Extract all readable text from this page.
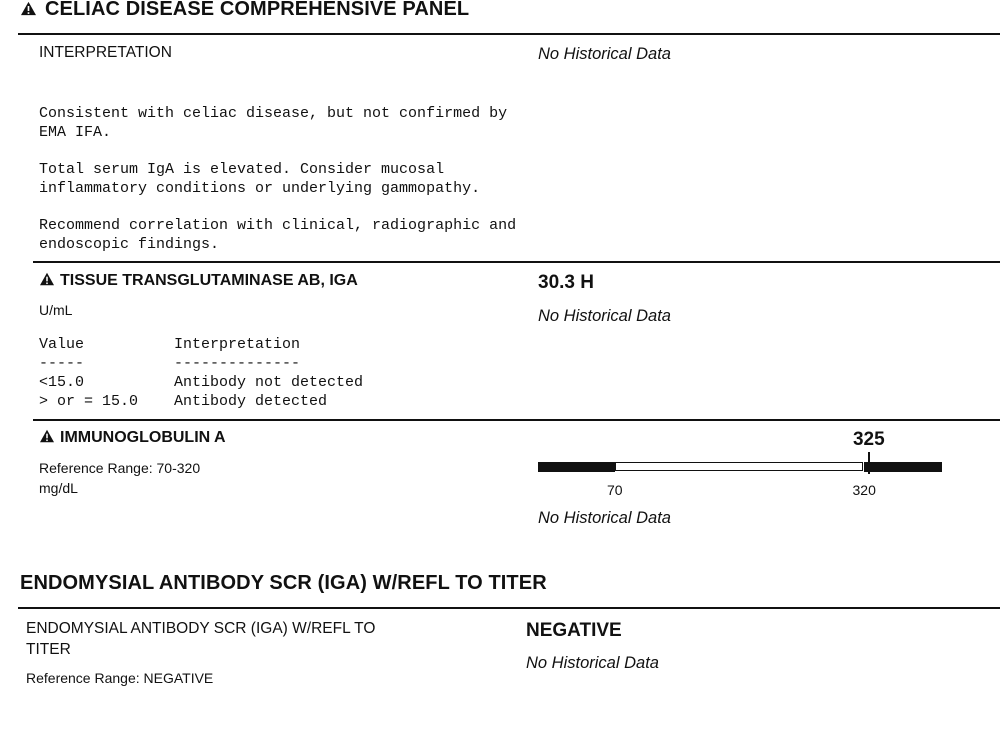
CELIAC DISEASE COMPREHENSIVE PANEL
INTERPRETATION	No Historical Data
Consistent with celiac disease, but not confirmed by
EMA IFA.
Total serum IgA is elevated. Consider mucosal
inflammatory conditions or underlying gammopathy.
Recommend correlation with clinical, radiographic and
endoscopic findings.
TISSUE TRANSGLUTAMINASE AB, IGA	30.3 H
U/mL	No Historical Data
Value          Interpretation
-----          --------------
<15.0          Antibody not detected
> or = 15.0    Antibody detected
IMMUNOGLOBULIN A
Reference Range: 70-320
mg/dL
325
70	320
No Historical Data
ENDOMYSIAL ANTIBODY SCR (IGA) W/REFL TO TITER
ENDOMYSIAL ANTIBODY SCR (IGA) W/REFL TO
TITER
Reference Range: NEGATIVE
NEGATIVE
No Historical Data
